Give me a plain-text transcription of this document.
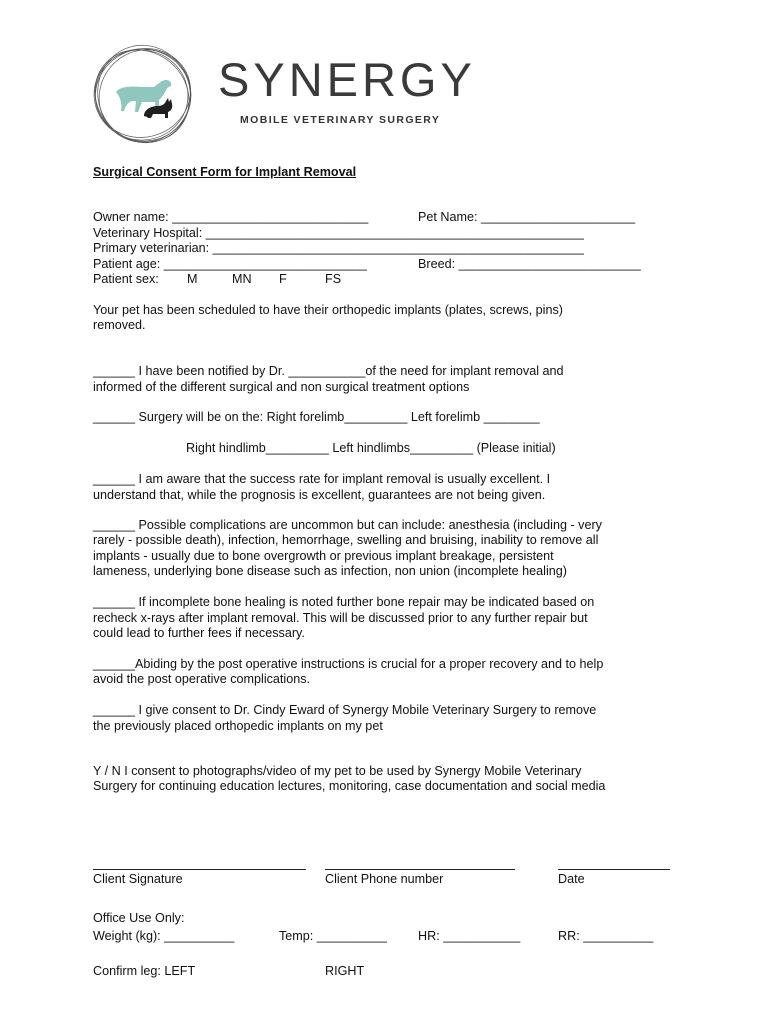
SYNERGY
MOBILE VETERINARY SURGERY
Surgical Consent Form for Implant Removal
Owner name: ____________________________	Pet Name: ______________________
Veterinary Hospital: ______________________________________________________
Primary veterinarian: _____________________________________________________
Patient age: _____________________________	Breed: __________________________
Patient sex: M	MN F	FS
Your pet has been scheduled to have their orthopedic implants (plates, screws, pins)
removed.
______ I have been notified by Dr. ___________of the need for implant removal and
informed of the different surgical and non surgical treatment options
______ Surgery will be on the: Right forelimb_________ Left forelimb ________
Right hindlimb_________ Left hindlimbs_________ (Please initial)
______ I am aware that the success rate for implant removal is usually excellent. I
understand that, while the prognosis is excellent, guarantees are not being given.
______ Possible complications are uncommon but can include: anesthesia (including - very
rarely - possible death), infection, hemorrhage, swelling and bruising, inability to remove all
implants - usually due to bone overgrowth or previous implant breakage, persistent
lameness, underlying bone disease such as infection, non union (incomplete healing)
______ If incomplete bone healing is noted further bone repair may be indicated based on
recheck x-rays after implant removal. This will be discussed prior to any further repair but
could lead to further fees if necessary.
______Abiding by the post operative instructions is crucial for a proper recovery and to help
avoid the post operative complications.
______ I give consent to Dr. Cindy Eward of Synergy Mobile Veterinary Surgery to remove
the previously placed orthopedic implants on my pet
Y / N I consent to photographs/video of my pet to be used by Synergy Mobile Veterinary
Surgery for continuing education lectures, monitoring, case documentation and social media
Client Signature	Client Phone number	Date
Office Use Only:
Weight (kg): __________	Temp: __________ HR: ___________	RR: __________
Confirm leg: LEFT	RIGHT
